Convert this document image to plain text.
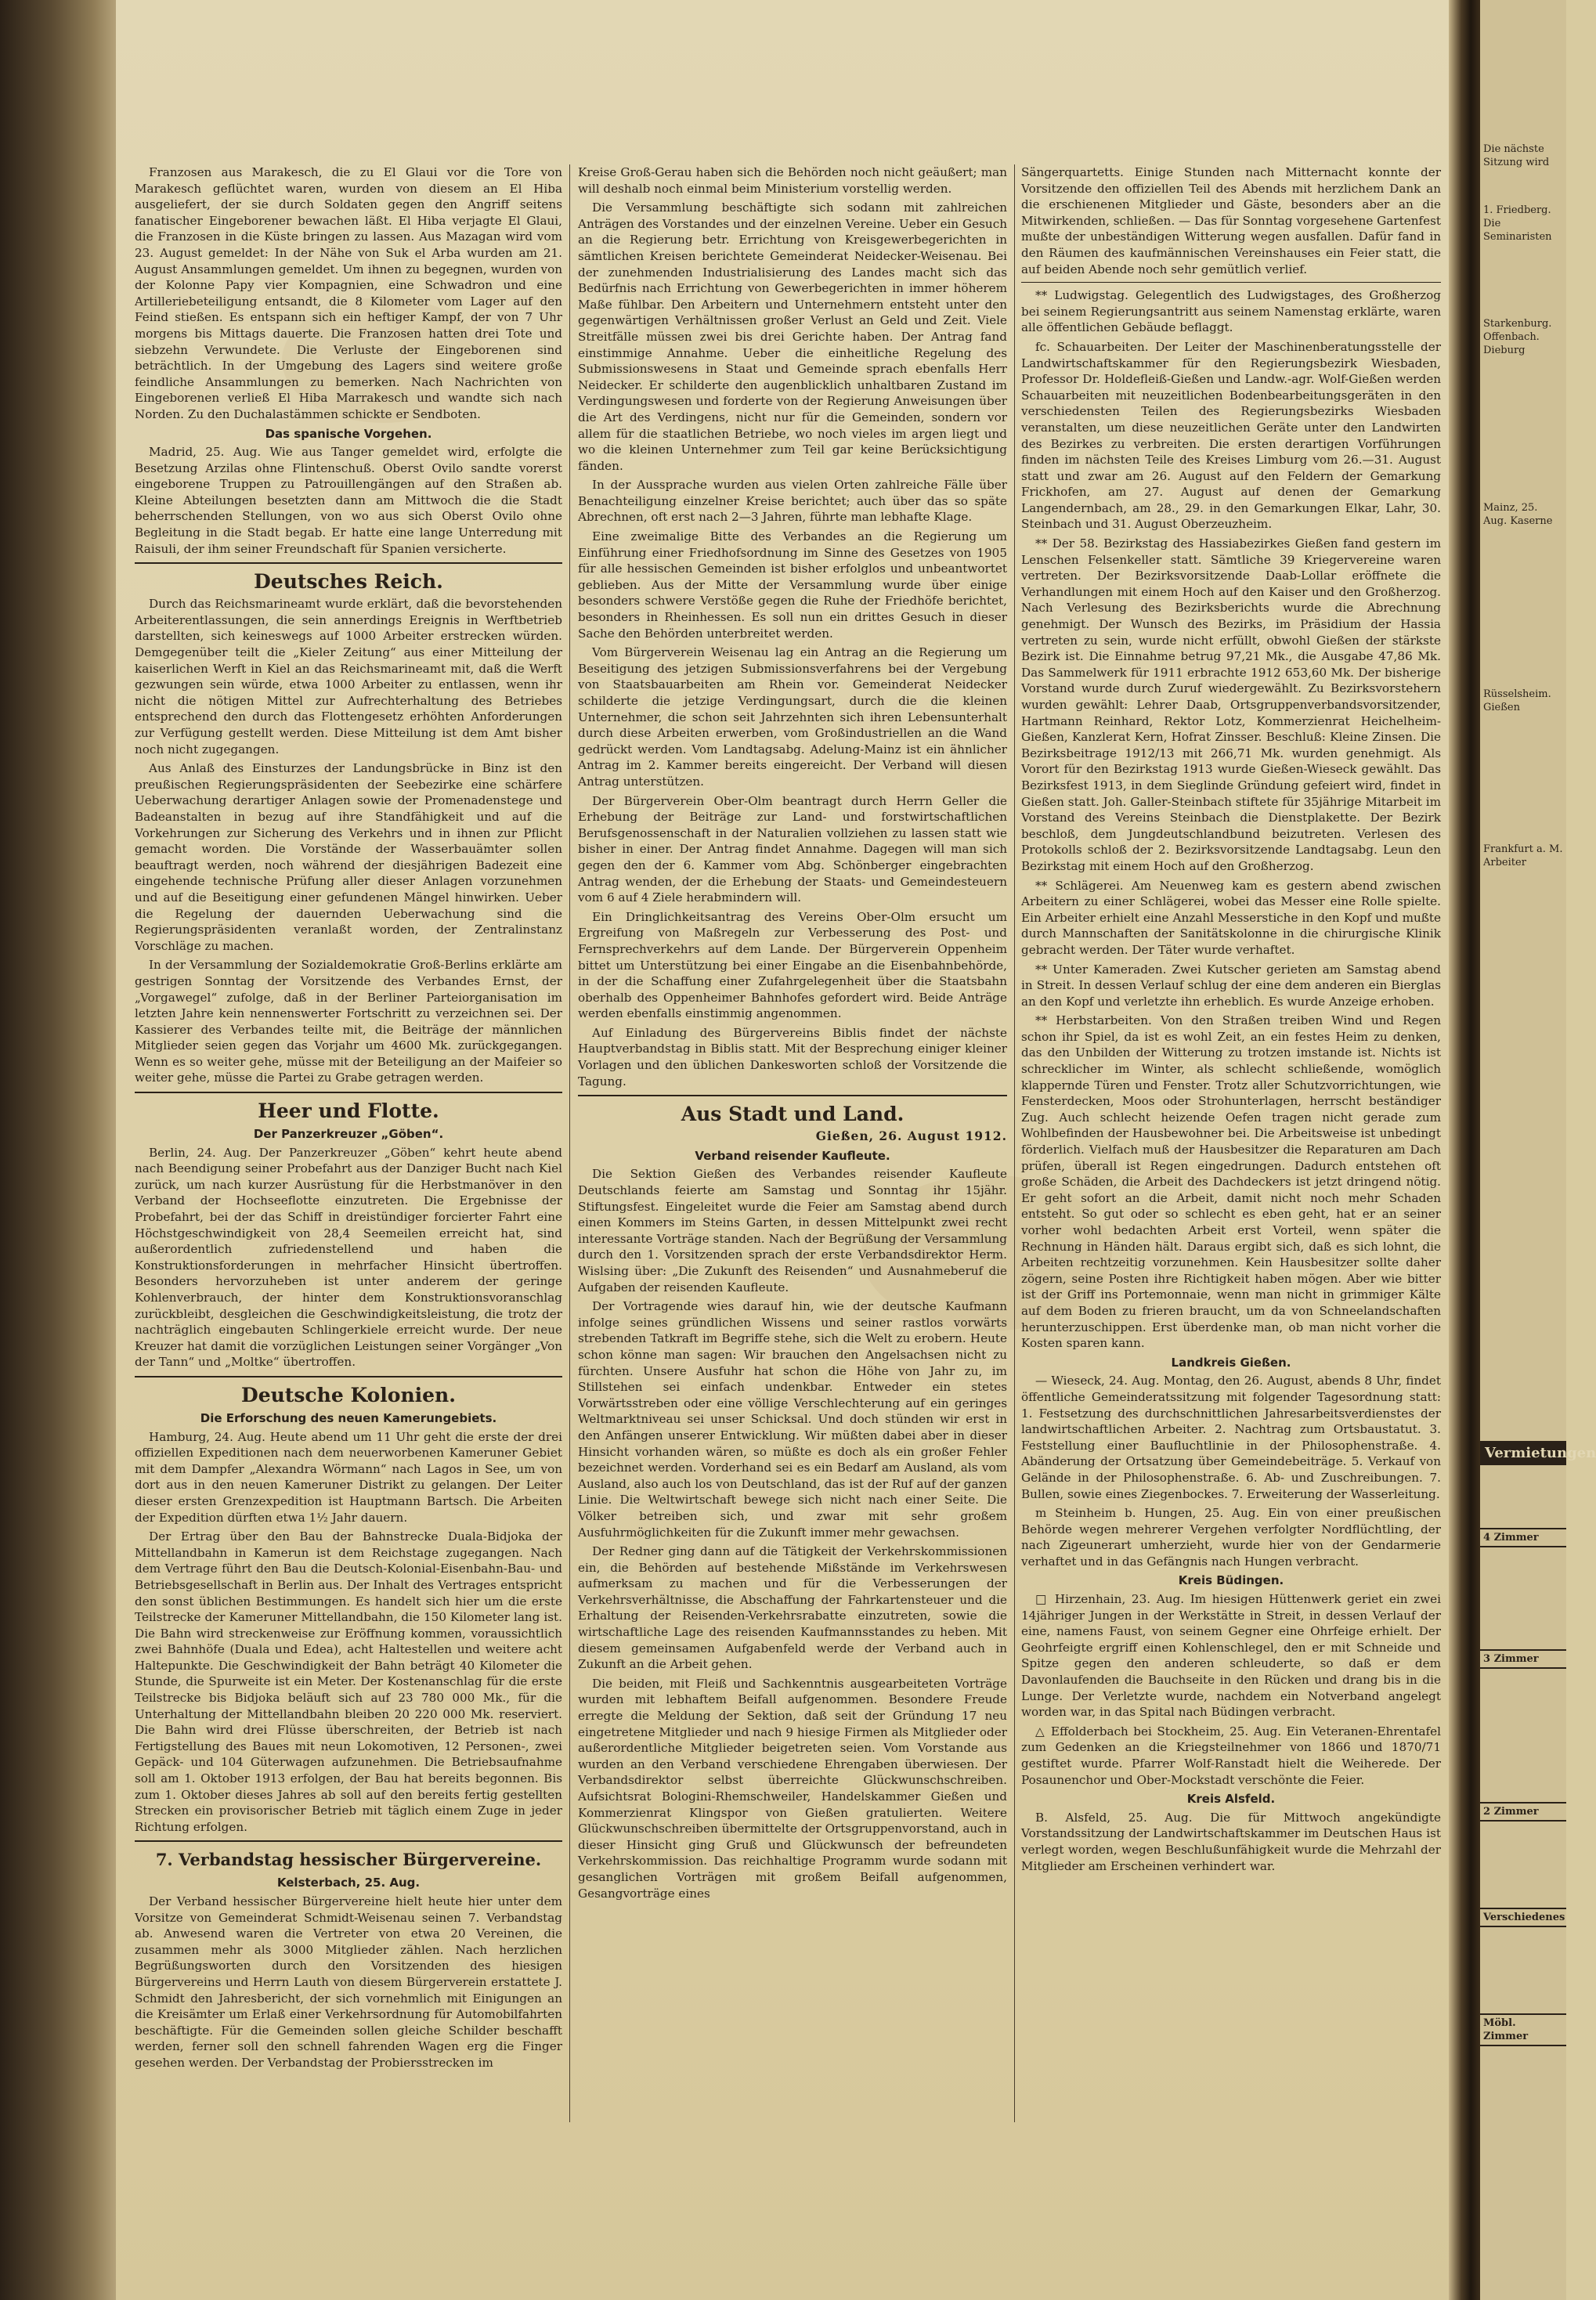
Franzosen aus Marakesch, die zu El Glaui vor die Tore von Marakesch geflüchtet waren, wurden von diesem an El Hiba ausgeliefert, der sie durch Soldaten gegen den Angriff seitens fanatischer Eingeborener bewachen läßt. El Hiba verjagte El Glaui, die Franzosen in die Küste bringen zu lassen. Aus Mazagan wird vom 23. August gemeldet: In der Nähe von Suk el Arba wurden am 21. August Ansammlungen gemeldet. Um ihnen zu begegnen, wurden von der Kolonne Papy vier Kompagnien, eine Schwadron und eine Artilleriebeteiligung entsandt, die 8 Kilometer vom Lager auf den Feind stießen. Es entspann sich ein heftiger Kampf, der von 7 Uhr morgens bis Mittags dauerte. Die Franzosen hatten drei Tote und siebzehn Verwundete. Die Verluste der Eingeborenen sind beträchtlich. In der Umgebung des Lagers sind weitere große feindliche Ansammlungen zu bemerken. Nach Nachrichten von Eingeborenen verließ El Hiba Marrakesch und wandte sich nach Norden. Zu den Duchalastämmen schickte er Sendboten.

Das spanische Vorgehen.

Madrid, 25. Aug. Wie aus Tanger gemeldet wird, erfolgte die Besetzung Arzilas ohne Flintenschuß. Oberst Ovilo sandte vorerst eingeborene Truppen zu Patrouillengängen auf den Straßen ab. Kleine Abteilungen besetzten dann am Mittwoch die die Stadt beherrschenden Stellungen, von wo aus sich Oberst Ovilo ohne Begleitung in die Stadt begab. Er hatte eine lange Unterredung mit Raisuli, der ihm seiner Freundschaft für Spanien versicherte.

Deutsches Reich.

Durch das Reichsmarineamt wurde erklärt, daß die bevorstehenden Arbeiterentlassungen, die sein annerdings Ereignis in Werftbetrieb darstellten, sich keineswegs auf 1000 Arbeiter erstrecken würden. Demgegenüber teilt die „Kieler Zeitung“ aus einer Mitteilung der kaiserlichen Werft in Kiel an das Reichsmarineamt mit, daß die Werft gezwungen sein würde, etwa 1000 Arbeiter zu entlassen, wenn ihr nicht die nötigen Mittel zur Aufrechterhaltung des Betriebes entsprechend den durch das Flottengesetz erhöhten Anforderungen zur Verfügung gestellt werden. Diese Mitteilung ist dem Amt bisher noch nicht zugegangen.

Aus Anlaß des Einsturzes der Landungsbrücke in Binz ist den preußischen Regierungspräsidenten der Seebezirke eine schärfere Ueberwachung derartiger Anlagen sowie der Promenadenstege und Badeanstalten in bezug auf ihre Standfähigkeit und auf die Vorkehrungen zur Sicherung des Verkehrs und in ihnen zur Pflicht gemacht worden. Die Vorstände der Wasserbauämter sollen beauftragt werden, noch während der diesjährigen Badezeit eine eingehende technische Prüfung aller dieser Anlagen vorzunehmen und auf die Beseitigung einer gefundenen Mängel hinwirken. Ueber die Regelung der dauernden Ueberwachung sind die Regierungspräsidenten veranlaßt worden, der Zentralinstanz Vorschläge zu machen.

In der Versammlung der Sozialdemokratie Groß-Berlins erklärte am gestrigen Sonntag der Vorsitzende des Verbandes Ernst, der „Vorgawegel“ zufolge, daß in der Berliner Parteiorganisation im letzten Jahre kein nennenswerter Fortschritt zu verzeichnen sei. Der Kassierer des Verbandes teilte mit, die Beiträge der männlichen Mitglieder seien gegen das Vorjahr um 4600 Mk. zurückgegangen. Wenn es so weiter gehe, müsse mit der Beteiligung an der Maifeier so weiter gehe, müsse die Partei zu Grabe getragen werden.

Heer und Flotte.
Der Panzerkreuzer „Göben“.

Berlin, 24. Aug. Der Panzerkreuzer „Göben“ kehrt heute abend nach Beendigung seiner Probefahrt aus der Danziger Bucht nach Kiel zurück, um nach kurzer Ausrüstung für die Herbstmanöver in den Verband der Hochseeflotte einzutreten. Die Ergebnisse der Probefahrt, bei der das Schiff in dreistündiger forcierter Fahrt eine Höchstgeschwindigkeit von 28,4 Seemeilen erreicht hat, sind außerordentlich zufriedenstellend und haben die Konstruktionsforderungen in mehrfacher Hinsicht übertroffen. Besonders hervorzuheben ist unter anderem der geringe Kohlenverbrauch, der hinter dem Konstruktionsvoranschlag zurückbleibt, desgleichen die Geschwindigkeitsleistung, die trotz der nachträglich eingebauten Schlingerkiele erreicht wurde. Der neue Kreuzer hat damit die vorzüglichen Leistungen seiner Vorgänger „Von der Tann“ und „Moltke“ übertroffen.

Deutsche Kolonien.
Die Erforschung des neuen Kamerungebiets.

Hamburg, 24. Aug. Heute abend um 11 Uhr geht die erste der drei offiziellen Expeditionen nach dem neuerworbenen Kameruner Gebiet mit dem Dampfer „Alexandra Wörmann“ nach Lagos in See, um von dort aus in den neuen Kameruner Distrikt zu gelangen. Der Leiter dieser ersten Grenzexpedition ist Hauptmann Bartsch. Die Arbeiten der Expedition dürften etwa 1½ Jahr dauern.

Der Ertrag über den Bau der Bahnstrecke Duala-Bidjoka der Mittellandbahn in Kamerun ist dem Reichstage zugegangen. Nach dem Vertrage führt den Bau die Deutsch-Kolonial-Eisenbahn-Bau- und Betriebsgesellschaft in Berlin aus. Der Inhalt des Vertrages entspricht den sonst üblichen Bestimmungen. Es handelt sich hier um die erste Teilstrecke der Kameruner Mittellandbahn, die 150 Kilometer lang ist. Die Bahn wird streckenweise zur Eröffnung kommen, voraussichtlich zwei Bahnhöfe (Duala und Edea), acht Haltestellen und weitere acht Haltepunkte. Die Geschwindigkeit der Bahn beträgt 40 Kilometer die Stunde, die Spurweite ist ein Meter. Der Kostenanschlag für die erste Teilstrecke bis Bidjoka beläuft sich auf 23 780 000 Mk., für die Unterhaltung der Mittellandbahn bleiben 20 220 000 Mk. reserviert. Die Bahn wird drei Flüsse überschreiten, der Betrieb ist nach Fertigstellung des Baues mit neun Lokomotiven, 12 Personen-, zwei Gepäck- und 104 Güterwagen aufzunehmen. Die Betriebsaufnahme soll am 1. Oktober 1913 erfolgen, der Bau hat bereits begonnen. Bis zum 1. Oktober dieses Jahres ab soll auf den bereits fertig gestellten Strecken ein provisorischer Betrieb mit täglich einem Zuge in jeder Richtung erfolgen.

7. Verbandstag hessischer Bürgervereine.
Kelsterbach, 25. Aug.

Der Verband hessischer Bürgervereine hielt heute hier unter dem Vorsitze von Gemeinderat Schmidt-Weisenau seinen 7. Verbandstag ab. Anwesend waren die Vertreter von etwa 20 Vereinen, die zusammen mehr als 3000 Mitglieder zählen. Nach herzlichen Begrüßungsworten durch den Vorsitzenden des hiesigen Bürgervereins und Herrn Lauth von diesem Bürgerverein erstattete J. Schmidt den Jahresbericht, der sich vornehmlich mit Einigungen an die Kreisämter um Erlaß einer Verkehrsordnung für Automobilfahrten beschäftigte. Für die Gemeinden sollen gleiche Schilder beschafft werden, ferner soll den schnell fahrenden Wagen erg die Finger gesehen werden. Der Verbandstag der Probiersstrecken im

Kreise Groß-Gerau haben sich die Behörden noch nicht geäußert; man will deshalb noch einmal beim Ministerium vorstellig werden.

Die Versammlung beschäftigte sich sodann mit zahlreichen Anträgen des Vorstandes und der einzelnen Vereine. Ueber ein Gesuch an die Regierung betr. Errichtung von Kreisgewerbegerichten in sämtlichen Kreisen berichtete Gemeinderat Neidecker-Weisenau. Bei der zunehmenden Industrialisierung des Landes macht sich das Bedürfnis nach Errichtung von Gewerbegerichten in immer höherem Maße fühlbar. Den Arbeitern und Unternehmern entsteht unter den gegenwärtigen Verhältnissen großer Verlust an Geld und Zeit. Viele Streitfälle müssen zwei bis drei Gerichte haben. Der Antrag fand einstimmige Annahme. Ueber die einheitliche Regelung des Submissionswesens in Staat und Gemeinde sprach ebenfalls Herr Neidecker. Er schilderte den augenblicklich unhaltbaren Zustand im Verdingungswesen und forderte von der Regierung Anweisungen über die Art des Verdingens, nicht nur für die Gemeinden, sondern vor allem für die staatlichen Betriebe, wo noch vieles im argen liegt und wo die kleinen Unternehmer zum Teil gar keine Berücksichtigung fänden.

In der Aussprache wurden aus vielen Orten zahlreiche Fälle über Benachteiligung einzelner Kreise berichtet; auch über das so späte Abrechnen, oft erst nach 2—3 Jahren, führte man lebhafte Klage.

Eine zweimalige Bitte des Verbandes an die Regierung um Einführung einer Friedhofsordnung im Sinne des Gesetzes von 1905 für alle hessischen Gemeinden ist bisher erfolglos und unbeantwortet geblieben. Aus der Mitte der Versammlung wurde über einige besonders schwere Verstöße gegen die Ruhe der Friedhöfe berichtet, besonders in Rheinhessen. Es soll nun ein drittes Gesuch in dieser Sache den Behörden unterbreitet werden.

Vom Bürgerverein Weisenau lag ein Antrag an die Regierung um Beseitigung des jetzigen Submissionsverfahrens bei der Vergebung von Staatsbauarbeiten am Rhein vor. Gemeinderat Neidecker schilderte die jetzige Verdingungsart, durch die die kleinen Unternehmer, die schon seit Jahrzehnten sich ihren Lebensunterhalt durch diese Arbeiten erwerben, vom Großindustriellen an die Wand gedrückt werden. Vom Landtagsabg. Adelung-Mainz ist ein ähnlicher Antrag im 2. Kammer bereits eingereicht. Der Verband will diesen Antrag unterstützen.

Der Bürgerverein Ober-Olm beantragt durch Herrn Geller die Erhebung der Beiträge zur Land- und forstwirtschaftlichen Berufsgenossenschaft in der Naturalien vollziehen zu lassen statt wie bisher in einer. Der Antrag findet Annahme. Dagegen will man sich gegen den der 6. Kammer vom Abg. Schönberger eingebrachten Antrag wenden, der die Erhebung der Staats- und Gemeindesteuern vom 6 auf 4 Ziele herabmindern will.

Ein Dringlichkeitsantrag des Vereins Ober-Olm ersucht um Ergreifung von Maßregeln zur Verbesserung des Post- und Fernsprechverkehrs auf dem Lande. Der Bürgerverein Oppenheim bittet um Unterstützung bei einer Eingabe an die Eisenbahnbehörde, in der die Schaffung einer Zufahrgelegenheit über die Staatsbahn oberhalb des Oppenheimer Bahnhofes gefordert wird. Beide Anträge werden ebenfalls einstimmig angenommen.

Auf Einladung des Bürgervereins Biblis findet der nächste Hauptverbandstag in Biblis statt. Mit der Besprechung einiger kleiner Vorlagen und den üblichen Dankesworten schloß der Vorsitzende die Tagung.

Aus Stadt und Land.
Gießen, 26. August 1912.
Verband reisender Kaufleute.

Die Sektion Gießen des Verbandes reisender Kaufleute Deutschlands feierte am Samstag und Sonntag ihr 15jähr. Stiftungsfest. Eingeleitet wurde die Feier am Samstag abend durch einen Kommers im Steins Garten, in dessen Mittelpunkt zwei recht interessante Vorträge standen. Nach der Begrüßung der Versammlung durch den 1. Vorsitzenden sprach der erste Verbandsdirektor Herm. Wislsing über: „Die Zukunft des Reisenden“ und Ausnahmeberuf die Aufgaben der reisenden Kaufleute.

Der Vortragende wies darauf hin, wie der deutsche Kaufmann infolge seines gründlichen Wissens und seiner rastlos vorwärts strebenden Tatkraft im Begriffe stehe, sich die Welt zu erobern. Heute schon könne man sagen: Wir brauchen den Angelsachsen nicht zu fürchten. Unsere Ausfuhr hat schon die Höhe von Jahr zu, im Stillstehen sei einfach undenkbar. Entweder ein stetes Vorwärtsstreben oder eine völlige Verschlechterung auf ein geringes Weltmarktniveau sei unser Schicksal. Und doch stünden wir erst in den Anfängen unserer Entwicklung. Wir müßten dabei aber in dieser Hinsicht vorhanden wären, so müßte es doch als ein großer Fehler bezeichnet werden. Vorderhand sei es ein Bedarf am Ausland, als vom Ausland, also auch los von Deutschland, das ist der Ruf auf der ganzen Linie. Die Weltwirtschaft bewege sich nicht nach einer Seite. Die Völker betreiben sich, und zwar mit sehr großem Ausfuhrmöglichkeiten für die Zukunft immer mehr gewachsen.

Der Redner ging dann auf die Tätigkeit der Verkehrskommissionen ein, die Behörden auf bestehende Mißstände im Verkehrswesen aufmerksam zu machen und für die Verbesserungen der Verkehrsverhältnisse, die Abschaffung der Fahrkartensteuer und die Erhaltung der Reisenden-Verkehrsrabatte einzutreten, sowie die wirtschaftliche Lage des reisenden Kaufmannsstandes zu heben. Mit diesem gemeinsamen Aufgabenfeld werde der Verband auch in Zukunft an die Arbeit gehen.

Die beiden, mit Fleiß und Sachkenntnis ausgearbeiteten Vorträge wurden mit lebhaftem Beifall aufgenommen. Besondere Freude erregte die Meldung der Sektion, daß seit der Gründung 17 neu eingetretene Mitglieder und nach 9 hiesige Firmen als Mitglieder oder außerordentliche Mitglieder beigetreten seien. Vom Vorstande aus wurden an den Verband verschiedene Ehrengaben überwiesen. Der Verbandsdirektor selbst überreichte Glückwunschschreiben. Aufsichtsrat Bologini-Rhemschweiler, Handelskammer Gießen und Kommerzienrat Klingspor von Gießen gratulierten. Weitere Glückwunschschreiben übermittelte der Ortsgruppenvorstand, auch in dieser Hinsicht ging Gruß und Glückwunsch der befreundeten Verkehrskommission. Das reichhaltige Programm wurde sodann mit gesanglichen Vorträgen mit großem Beifall aufgenommen, Gesangvorträge eines

Sängerquartetts. Einige Stunden nach Mitternacht konnte der Vorsitzende den offiziellen Teil des Abends mit herzlichem Dank an die erschienenen Mitglieder und Gäste, besonders aber an die Mitwirkenden, schließen. — Das für Sonntag vorgesehene Gartenfest mußte der unbeständigen Witterung wegen ausfallen. Dafür fand in den Räumen des kaufmännischen Vereinshauses ein Feier statt, die auf beiden Abende noch sehr gemütlich verlief.

** Ludwigstag. Gelegentlich des Ludwigstages, des Großherzog bei seinem Regierungsantritt aus seinem Namenstag erklärte, waren alle öffentlichen Gebäude beflaggt.

fc. Schauarbeiten. Der Leiter der Maschinenberatungsstelle der Landwirtschaftskammer für den Regierungsbezirk Wiesbaden, Professor Dr. Holdefleiß-Gießen und Landw.-agr. Wolf-Gießen werden Schauarbeiten mit neuzeitlichen Bodenbearbeitungsgeräten in den verschiedensten Teilen des Regierungsbezirks Wiesbaden veranstalten, um diese neuzeitlichen Geräte unter den Landwirten des Bezirkes zu verbreiten. Die ersten derartigen Vorführungen finden im nächsten Teile des Kreises Limburg vom 26.—31. August statt und zwar am 26. August auf den Feldern der Gemarkung Frickhofen, am 27. August auf denen der Gemarkung Langendernbach, am 28., 29. in den Gemarkungen Elkar, Lahr, 30. Steinbach und 31. August Oberzeuzheim.

** Der 58. Bezirkstag des Hassiabezirkes Gießen fand gestern im Lenschen Felsenkeller statt. Sämtliche 39 Kriegervereine waren vertreten. Der Bezirksvorsitzende Daab-Lollar eröffnete die Verhandlungen mit einem Hoch auf den Kaiser und den Großherzog. Nach Verlesung des Bezirksberichts wurde die Abrechnung genehmigt. Der Wunsch des Bezirks, im Präsidium der Hassia vertreten zu sein, wurde nicht erfüllt, obwohl Gießen der stärkste Bezirk ist. Die Einnahme betrug 97,21 Mk., die Ausgabe 47,86 Mk. Das Sammelwerk für 1911 erbrachte 1912 653,60 Mk. Der bisherige Vorstand wurde durch Zuruf wiedergewählt. Zu Bezirksvorstehern wurden gewählt: Lehrer Daab, Ortsgruppenverbandsvorsitzender, Hartmann Reinhard, Rektor Lotz, Kommerzienrat Heichelheim-Gießen, Kanzlerat Kern, Hofrat Zinsser. Beschluß: Kleine Zinsen. Die Bezirksbeitrage 1912/13 mit 266,71 Mk. wurden genehmigt. Als Vorort für den Bezirkstag 1913 wurde Gießen-Wieseck gewählt. Das Bezirksfest 1913, in dem Sieglinde Gründung gefeiert wird, findet in Gießen statt. Joh. Galler-Steinbach stiftete für 35jährige Mitarbeit im Vorstand des Vereins Steinbach die Dienstplakette. Der Bezirk beschloß, dem Jungdeutschlandbund beizutreten. Verlesen des Protokolls schloß der 2. Bezirksvorsitzende Landtagsabg. Leun den Bezirkstag mit einem Hoch auf den Großherzog.

** Schlägerei. Am Neuenweg kam es gestern abend zwischen Arbeitern zu einer Schlägerei, wobei das Messer eine Rolle spielte. Ein Arbeiter erhielt eine Anzahl Messerstiche in den Kopf und mußte durch Mannschaften der Sanitätskolonne in die chirurgische Klinik gebracht werden. Der Täter wurde verhaftet.

** Unter Kameraden. Zwei Kutscher gerieten am Samstag abend in Streit. In dessen Verlauf schlug der eine dem anderen ein Bierglas an den Kopf und verletzte ihn erheblich. Es wurde Anzeige erhoben.

** Herbstarbeiten. Von den Straßen treiben Wind und Regen schon ihr Spiel, da ist es wohl Zeit, an ein festes Heim zu denken, das den Unbilden der Witterung zu trotzen imstande ist. Nichts ist schrecklicher im Winter, als schlecht schließende, womöglich klappernde Türen und Fenster. Trotz aller Schutzvorrichtungen, wie Fensterdecken, Moos oder Strohunterlagen, herrscht beständiger Zug. Auch schlecht heizende Oefen tragen nicht gerade zum Wohlbefinden der Hausbewohner bei. Die Arbeitsweise ist unbedingt förderlich. Vielfach muß der Hausbesitzer die Reparaturen am Dach prüfen, überall ist Regen eingedrungen. Dadurch entstehen oft große Schäden, die Arbeit des Dachdeckers ist jetzt dringend nötig. Er geht sofort an die Arbeit, damit nicht noch mehr Schaden entsteht. So gut oder so schlecht es eben geht, hat er an seiner vorher wohl bedachten Arbeit erst Vorteil, wenn später die Rechnung in Händen hält. Daraus ergibt sich, daß es sich lohnt, die Arbeiten rechtzeitig vorzunehmen. Kein Hausbesitzer sollte daher zögern, seine Posten ihre Richtigkeit haben mögen. Aber wie bitter ist der Griff ins Portemonnaie, wenn man nicht in grimmiger Kälte auf dem Boden zu frieren braucht, um da von Schneelandschaften herunterzuschippen. Erst überdenke man, ob man nicht vorher die Kosten sparen kann.

Landkreis Gießen.

— Wieseck, 24. Aug. Montag, den 26. August, abends 8 Uhr, findet öffentliche Gemeinderatssitzung mit folgender Tagesordnung statt: 1. Festsetzung des durchschnittlichen Jahresarbeitsverdienstes der landwirtschaftlichen Arbeiter. 2. Nachtrag zum Ortsbaustatut. 3. Feststellung einer Baufluchtlinie in der Philosophenstraße. 4. Abänderung der Ortsatzung über Gemeindebeiträge. 5. Verkauf von Gelände in der Philosophenstraße. 6. Ab- und Zuschreibungen. 7. Bullen, sowie eines Ziegenbockes. 7. Erweiterung der Wasserleitung.

m Steinheim b. Hungen, 25. Aug. Ein von einer preußischen Behörde wegen mehrerer Vergehen verfolgter Nordflüchtling, der nach Zigeunerart umherzieht, wurde hier von der Gendarmerie verhaftet und in das Gefängnis nach Hungen verbracht.

Kreis Büdingen.

□ Hirzenhain, 23. Aug. Im hiesigen Hüttenwerk geriet ein zwei 14jähriger Jungen in der Werkstätte in Streit, in dessen Verlauf der eine, namens Faust, von seinem Gegner eine Ohrfeige erhielt. Der Geohrfeigte ergriff einen Kohlenschlegel, den er mit Schneide und Spitze gegen den anderen schleuderte, so daß er dem Davonlaufenden die Bauchseite in den Rücken und drang bis in die Lunge. Der Verletzte wurde, nachdem ein Notverband angelegt worden war, in das Spital nach Büdingen verbracht.

△ Effolderbach bei Stockheim, 25. Aug. Ein Veteranen-Ehrentafel zum Gedenken an die Kriegsteilnehmer von 1866 und 1870/71 gestiftet wurde. Pfarrer Wolf-Ranstadt hielt die Weiherede. Der Posaunenchor und Ober-Mockstadt verschönte die Feier.

Kreis Alsfeld.

B. Alsfeld, 25. Aug. Die für Mittwoch angekündigte Vorstandssitzung der Landwirtschaftskammer im Deutschen Haus ist verlegt worden, wegen Beschlußunfähigkeit wurde die Mehrzahl der Mitglieder am Erscheinen verhindert war.

Die nächste Sitzung wird
1. Friedberg. Die Seminaristen
Starkenburg. Offenbach. Dieburg
Mainz, 25. Aug. Kaserne
Rüsselsheim. Gießen
Frankfurt a. M. Arbeiter
Vermietungen
4 Zimmer
3 Zimmer
2 Zimmer
Verschiedenes
Möbl. Zimmer
